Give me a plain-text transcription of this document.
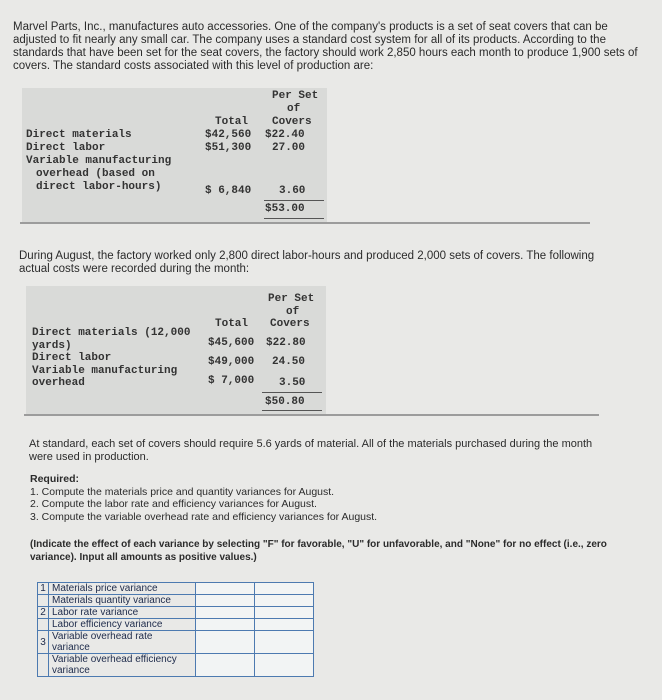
Marvel Parts, Inc., manufactures auto accessories. One of the company's products is a set of seat covers that can be adjusted to fit nearly any small car. The company uses a standard cost system for all of its products. According to the standards that have been set for the seat covers, the factory should work 2,850 hours each month to produce 1,900 sets of covers. The standard costs associated with this level of production are:
Per Set
of
Total Covers
Direct materials	$42,560 $22.40
Direct labor	$51,300 27.00
Variable manufacturing
overhead (based on
direct labor-hours)	$ 6,840	3.60
$53.00
During August, the factory worked only 2,800 direct labor-hours and produced 2,000 sets of covers. The following actual costs were recorded during the month:
Per Set
of
Total Covers
Direct materials (12,000
yards)	$45,600 $22.80
Direct labor	$49,000 24.50
Variable manufacturing
overhead	$ 7,000 3.50
$50.80
At standard, each set of covers should require 5.6 yards of material. All of the materials purchased during the month were used in production.
Required:
1. Compute the materials price and quantity variances for August.
2. Compute the labor rate and efficiency variances for August.
3. Compute the variable overhead rate and efficiency variances for August.
(Indicate the effect of each variance by selecting "F" for favorable, "U" for unfavorable, and "None" for no effect (i.e., zero variance). Input all amounts as positive values.)
1	Materials price variance		
	Materials quantity variance		
2	Labor rate variance		
	Labor efficiency variance		
3	Variable overhead rate variance		
	Variable overhead efficiency variance		
